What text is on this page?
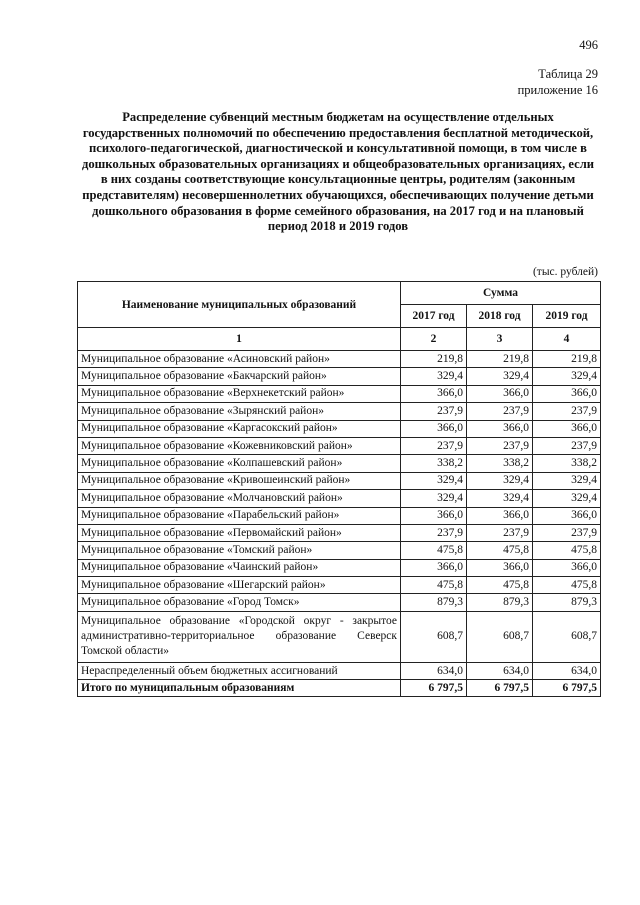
496
Таблица 29
приложение 16
Распределение субвенций местным бюджетам на осуществление отдельных государственных полномочий по обеспечению предоставления бесплатной методической, психолого-педагогической, диагностической и консультативной помощи, в том числе в дошкольных образовательных организациях и общеобразовательных организациях, если в них созданы соответствующие консультационные центры, родителям (законным представителям) несовершеннолетних обучающихся, обеспечивающих получение детьми дошкольного образования в форме семейного образования, на 2017 год и на плановый период 2018 и 2019 годов
(тыс. рублей)
Наименование муниципальных образований	Сумма		
	2017 год	2018 год	2019 год
1	2	3	4
Муниципальное образование «Асиновский район»	219,8	219,8	219,8
Муниципальное образование «Бакчарский район»	329,4	329,4	329,4
Муниципальное образование «Верхнекетский район»	366,0	366,0	366,0
Муниципальное образование «Зырянский район»	237,9	237,9	237,9
Муниципальное образование «Каргасокский район»	366,0	366,0	366,0
Муниципальное образование «Кожевниковский район»	237,9	237,9	237,9
Муниципальное образование «Колпашевский район»	338,2	338,2	338,2
Муниципальное образование «Кривошеинский район»	329,4	329,4	329,4
Муниципальное образование «Молчановский район»	329,4	329,4	329,4
Муниципальное образование «Парабельский район»	366,0	366,0	366,0
Муниципальное образование «Первомайский район»	237,9	237,9	237,9
Муниципальное образование «Томский район»	475,8	475,8	475,8
Муниципальное образование «Чаинский район»	366,0	366,0	366,0
Муниципальное образование «Шегарский район»	475,8	475,8	475,8
Муниципальное образование «Город Томск»	879,3	879,3	879,3
Муниципальное образование «Городской округ - закрытое административно-территориальное образование Северск Томской области»	608,7	608,7	608,7
Нераспределенный объем бюджетных ассигнований	634,0	634,0	634,0
Итого по муниципальным образованиям	6 797,5	6 797,5	6 797,5
